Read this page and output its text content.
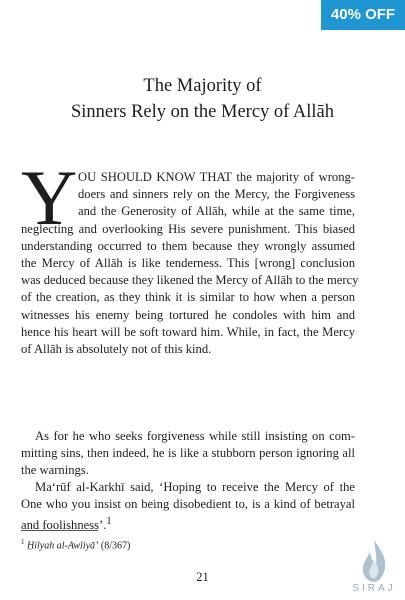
40% OFF
The Majority of
Sinners Rely on the Mercy of Allāh
Y OU SHOULD KNOW THAT the majority of wrong-
doers and sinners rely on the Mercy, the Forgiveness
and the Generosity of Allāh, while at the same time,
neglecting and overlooking His severe punishment. This biased
understanding occurred to them because they wrongly assumed
the Mercy of Allāh is like tenderness. This [wrong] conclusion
was deduced because they likened the Mercy of Allāh to the mercy
of the creation, as they think it is similar to how when a person
witnesses his enemy being tortured he condoles with him and
hence his heart will be soft toward him. While, in fact, the Mercy
of Allāh is absolutely not of this kind.
As for he who seeks forgiveness while still insisting on com-
mitting sins, then indeed, he is like a stubborn person ignoring all
the warnings.
Ma‘rūf al-Karkhī said, ‘Hoping to receive the Mercy of the
One who you insist on being disobedient to, is a kind of betrayal
and foolishness’.$^1$
$^1$ Ḥilyah al-Awliyā’ (8/367)
21
SIRAJ
